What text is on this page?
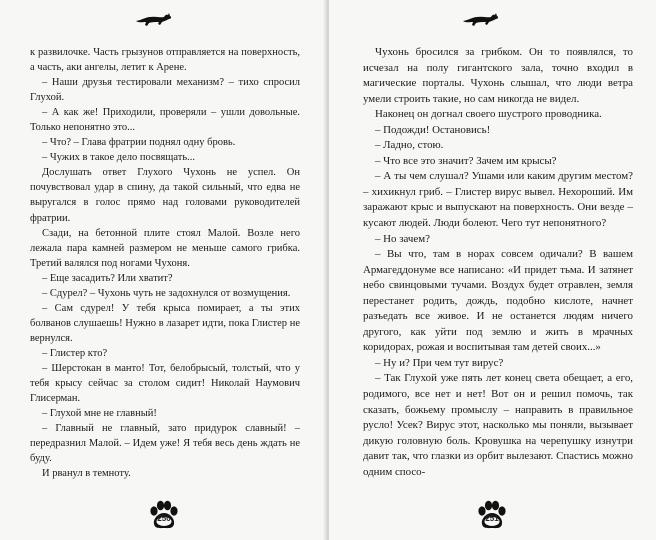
к развилочке. Часть грызунов отправляется на поверхность, а часть, аки ангелы, летит к Арене.

– Наши друзья тестировали механизм? – тихо спросил Глухой.

– А как же! Приходили, проверяли – ушли довольные. Только непонятно это...

– Что? – Глава фратрии поднял одну бровь.

– Чужих в такое дело посвящать...

Дослушать ответ Глухого Чухонь не успел. Он почувствовал удар в спину, да такой сильный, что едва не выругался в голос прямо над головами руководителей фратрии.

Сзади, на бетонной плите стоял Малой. Возле него лежала пара камней размером не меньше самого грибка. Третий валялся под ногами Чухоня.

– Еще засадить? Или хватит?

– Сдурел? – Чухонь чуть не задохнулся от возмущения.

– Сам сдурел! У тебя крыса помирает, а ты этих болванов слушаешь! Нужно в лазарет идти, пока Глистер не вернулся.

– Глистер кто?

– Шерстокан в манто! Тот, белобрысый, толстый, что у тебя крысу сейчас за столом сидит! Николай Наумович Глисерман.

– Глухой мне не главный!

– Главный не главный, зато придурок славный! – передразнил Малой. – Идем уже! Я тебя весь день ждать не буду.

И рванул в темноту.

250

Чухонь бросился за грибком. Он то появлялся, то исчезал на полу гигантского зала, точно входил в магические порталы. Чухонь слышал, что люди ветра умели строить такие, но сам никогда не видел.

Наконец он догнал своего шустрого проводника.

– Подожди! Остановись!

– Ладно, стою.

– Что все это значит? Зачем им крысы?

– А ты чем слушал? Ушами или каким другим местом? – хихикнул гриб. – Глистер вирус вывел. Нехороший. Им заражают крыс и выпускают на поверхность. Они везде – кусают людей. Люди болеют. Чего тут непонятного?

– Но зачем?

– Вы что, там в норах совсем одичали? В вашем Армагеддонуме все написано: «И придет тьма. И затянет небо свинцовыми тучами. Воздух будет отравлен, земля перестанет родить, дождь, подобно кислоте, начнет разъедать все живое. И не останется людям ничего другого, как уйти под землю и жить в мрачных коридорах, рожая и воспитывая там детей своих...»

– Ну и? При чем тут вирус?

– Так Глухой уже пять лет конец света обещает, а его, родимого, все нет и нет! Вот он и решил помочь, так сказать, божьему промыслу – направить в правильное русло! Усек? Вирус этот, насколько мы поняли, вызывает дикую головную боль. Кровушка на черепушку изнутри давит так, что глазки из орбит вылезают. Спастись можно одним спосо-

251
